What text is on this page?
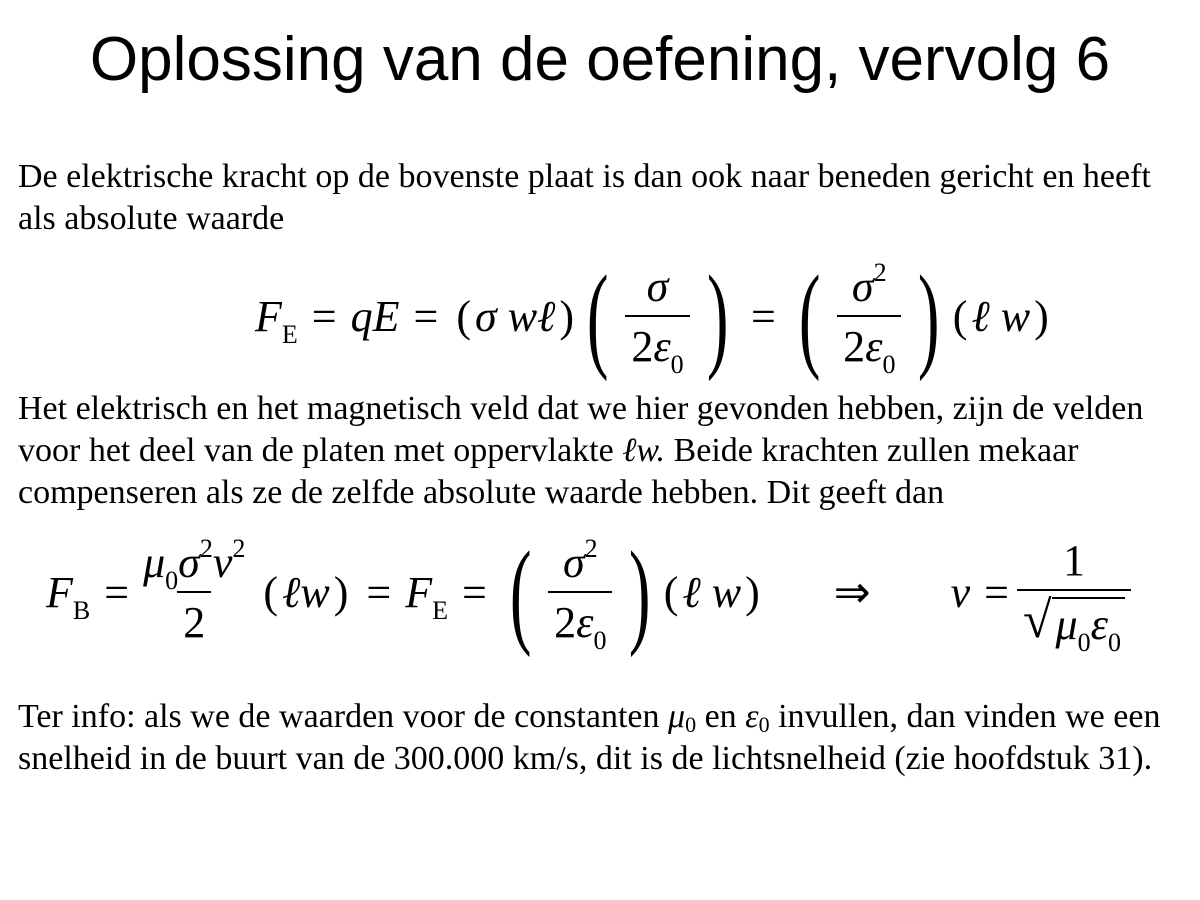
Oplossing van de oefening, vervolg 6

De elektrische kracht op de bovenste plaat is dan ook naar beneden gericht en heeft als absolute waarde

$F_E = q$ E = ( σ wℓ ) ( $\frac{\sigma}{2\varepsilon_0}$ ) = ( $\frac{\sigma^2}{2\varepsilon_0}$ ) ( ℓ w )

Het elektrisch en het magnetisch veld dat we hier gevonden hebben, zijn de velden voor het deel van de platen met oppervlakte ℓw. Beide krachten zullen mekaar compenseren als ze de zelfde absolute waarde hebben. Dit geeft dan

$F_B = \frac{\mu_0\sigma^2v^2}{2}$ ( ℓw ) = $F_E$ = ( $\frac{\sigma^2}{2\varepsilon_0}$ ) ( ℓ w ) ⇒ $v = \frac{1}{√ \mu_0\varepsilon_0}$

Ter info: als we de waarden voor de constanten $\mu_0$ en $\varepsilon_0$ invullen, dan vinden we een snelheid in de buurt van de 300.000 km/s, dit is de lichtsnelheid (zie hoofdstuk 31).
